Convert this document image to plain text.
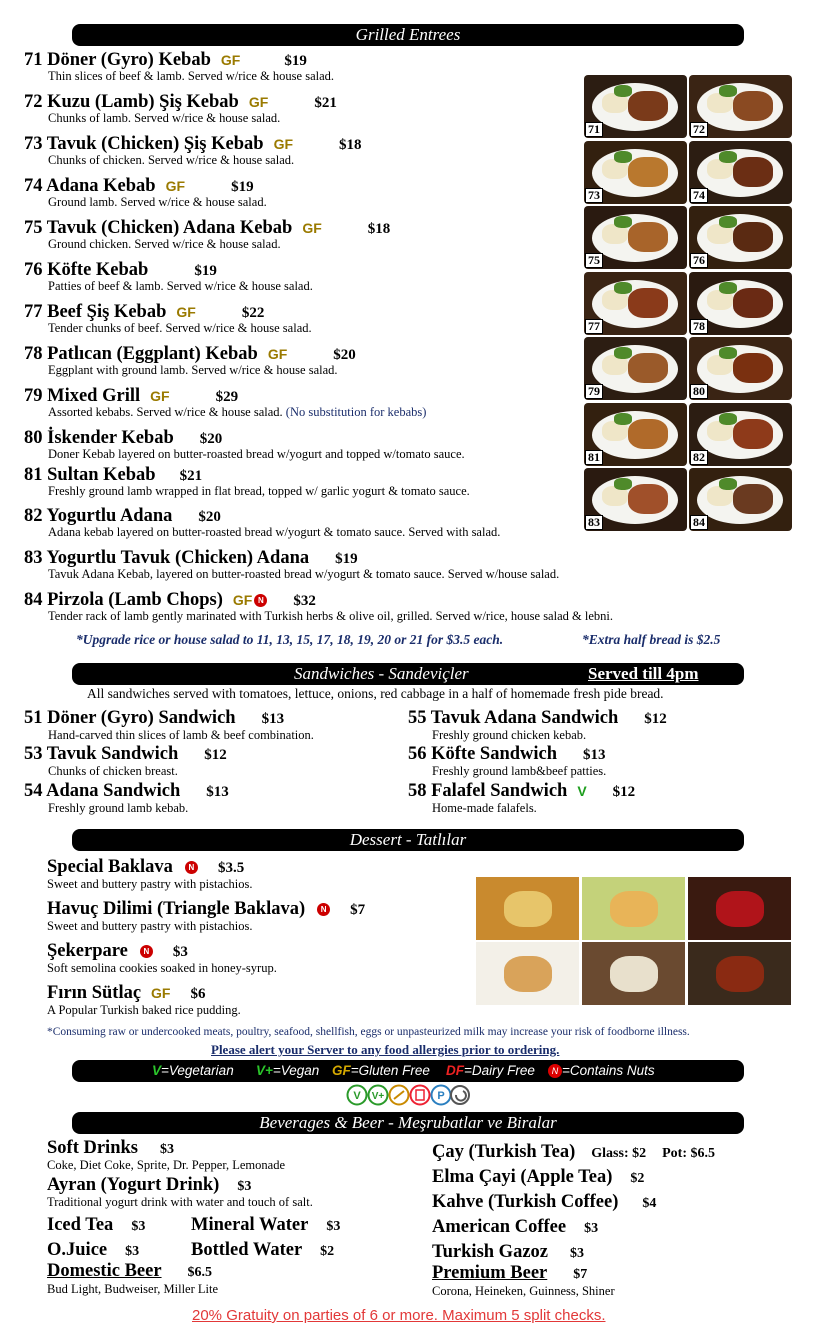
Grilled Entrees
71 Döner (Gyro) Kebab GF	$19
Thin slices of beef & lamb. Served w/rice & house salad.
72 Kuzu (Lamb) Şiş Kebab GF	$21
Chunks of lamb. Served w/rice & house salad.
73 Tavuk (Chicken) Şiş Kebab GF	$18
Chunks of chicken. Served w/rice & house salad.
74 Adana Kebab GF	$19
Ground lamb. Served w/rice & house salad.
75 Tavuk (Chicken) Adana Kebab GF	$18
Ground chicken. Served w/rice & house salad.
76 Köfte Kebab	$19
Patties of beef & lamb. Served w/rice & house salad.
77 Beef Şiş Kebab GF	$22
Tender chunks of beef. Served w/rice & house salad.
78 Patlıcan (Eggplant) Kebab GF	$20
Eggplant with ground lamb. Served w/rice & house salad.
79 Mixed Grill GF	$29
Assorted kebabs. Served w/rice & house salad. (No substitution for kebabs)
80 İskender Kebab $20
Doner Kebab layered on butter-roasted bread w/yogurt and topped w/tomato sauce.
81 Sultan Kebab $21
Freshly ground lamb wrapped in flat bread, topped w/ garlic yogurt & tomato sauce.
82 Yogurtlu Adana $20
Adana kebab layered on butter-roasted bread w/yogurt & tomato sauce. Served with salad.
83 Yogurtlu Tavuk (Chicken) Adana $19
Tavuk Adana Kebab, layered on butter-roasted bread w/yogurt & tomato sauce. Served w/house salad.
84 Pirzola (Lamb Chops) GF N $32
Tender rack of lamb gently marinated with Turkish herbs & olive oil, grilled. Served w/rice, house salad & lebni.
71	72
73	74
75	76
77	78
79	80
81	82
83	84
*Upgrade rice or house salad to 11, 13, 15, 17, 18, 19, 20 or 21 for $3.5 each.	*Extra half bread is $2.5
Sandwiches - Sandeviçler	Served till 4pm
All sandwiches served with tomatoes, lettuce, onions, red cabbage in a half of homemade fresh pide bread.
51 Döner (Gyro) Sandwich $13
Hand-carved thin slices of lamb & beef combination.
53 Tavuk Sandwich $12
Chunks of chicken breast.
54 Adana Sandwich $13
Freshly ground lamb kebab.
55 Tavuk Adana Sandwich $12
Freshly ground chicken kebab.
56 Köfte Sandwich $13
Freshly ground lamb&beef patties.
58 Falafel Sandwich V $12
Home-made falafels.
Dessert - Tatlılar
Special Baklava N $3.5
Sweet and buttery pastry with pistachios.
Havuç Dilimi (Triangle Baklava) N $7
Sweet and buttery pastry with pistachios.
Şekerpare N $3
Soft semolina cookies soaked in honey-syrup.
Fırın Sütlaç GF $6
A Popular Turkish baked rice pudding.
*Consuming raw or undercooked meats, poultry, seafood, shellfish, eggs or unpasteurized milk may increase your risk of foodborne illness.
Please alert your Server to any food allergies prior to ordering.
V=Vegetarian V+=Vegan GF=Gluten Free DF=Dairy Free	N =Contains Nuts
V V+	P
Beverages & Beer - Meşrubatlar ve Biralar
Soft Drinks $3
Coke, Diet Coke, Sprite, Dr. Pepper, Lemonade
Ayran (Yogurt Drink) $3
Traditional yogurt drink with water and touch of salt.
Iced Tea $3 Mineral Water $3
O.Juice $3	Bottled Water $2
Domestic Beer $6.5
Bud Light, Budweiser, Miller Lite
Çay (Turkish Tea) Glass: $2 Pot: $6.5
Elma Çayi (Apple Tea) $2
Kahve (Turkish Coffee) $4
American Coffee $3
Turkish Gazoz $3
Premium Beer $7
Corona, Heineken, Guinness, Shiner
20% Gratuity on parties of 6 or more. Maximum 5 split checks.
